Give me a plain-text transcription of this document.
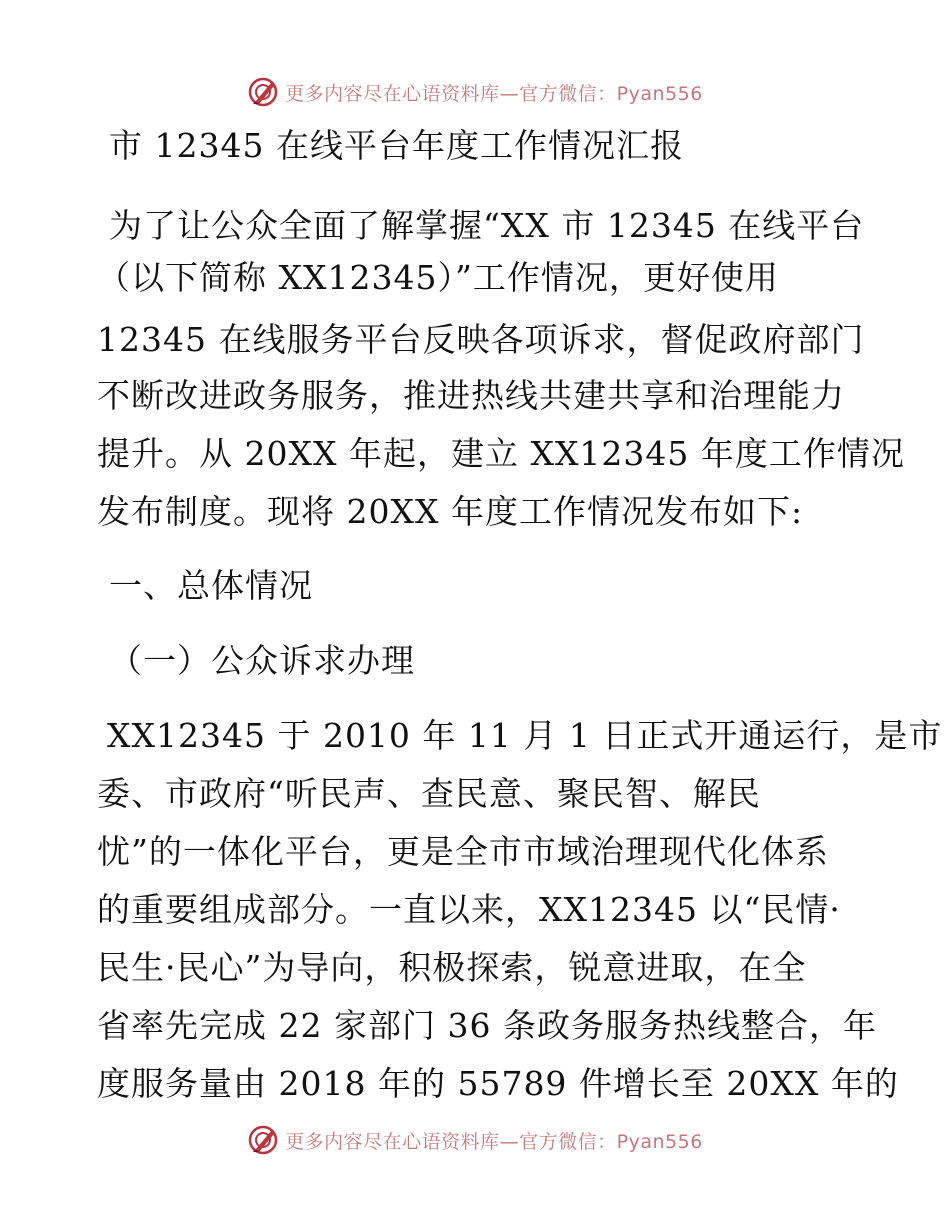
更多内容尽在心语资料库—官方微信：Pyan556
市 12345 在线平台年度工作情况汇报
为了让公众全面了解掌握“XX 市 12345 在线平台
（以下简称 XX12345）”工作情况，更好使用
12345 在线服务平台反映各项诉求，督促政府部门
不断改进政务服务，推进热线共建共享和治理能力
提升。从 20XX 年起，建立 XX12345 年度工作情况
发布制度。现将 20XX 年度工作情况发布如下:
一、总体情况
（一）公众诉求办理
XX12345 于 2010 年 11 月 1 日正式开通运行，是市
委、市政府“听民声、查民意、聚民智、解民
忧”的一体化平台，更是全市市域治理现代化体系
的重要组成部分。一直以来，XX12345 以“民情·
民生·民心”为导向，积极探索，锐意进取，在全
省率先完成 22 家部门 36 条政务服务热线整合，年
度服务量由 2018 年的 55789 件增长至 20XX 年的
更多内容尽在心语资料库—官方微信：Pyan556
